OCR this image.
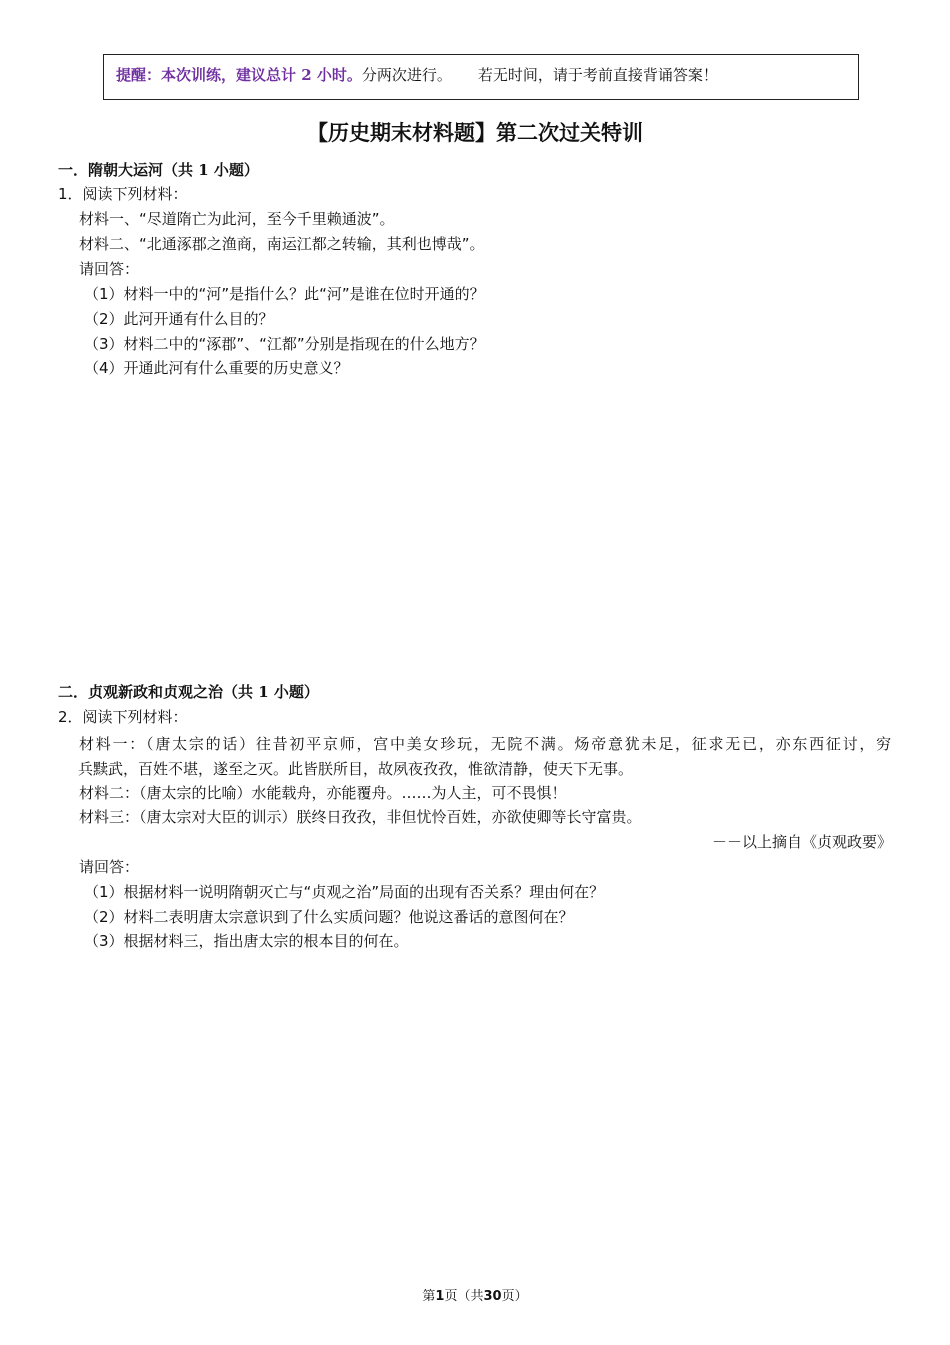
提醒：本次训练，建议总计 2 小时。分两次进行。 若无时间，请于考前直接背诵答案！
【历史期末材料题】第二次过关特训
一．隋朝大运河（共 1 小题）
1．阅读下列材料：
材料一、“尽道隋亡为此河，至今千里赖通波”。
材料二、“北通涿郡之渔商，南运江都之转输，其利也博哉”。
请回答：
（1）材料一中的“河”是指什么？此“河”是谁在位时开通的？
（2）此河开通有什么目的？
（3）材料二中的“涿郡”、“江都”分别是指现在的什么地方？
（4）开通此河有什么重要的历史意义？
二．贞观新政和贞观之治（共 1 小题）
2．阅读下列材料：
材料一：（唐太宗的话）往昔初平京师，宫中美女珍玩，无院不满。炀帝意犹未足，征求无已，亦东西征讨，穷
兵黩武，百姓不堪，遂至之灭。此皆朕所目，故夙夜孜孜，惟欲清静，使天下无事。
材料二：（唐太宗的比喻）水能载舟，亦能覆舟。……为人主，可不畏惧！
材料三：（唐太宗对大臣的训示）朕终日孜孜，非但忧怜百姓，亦欲使卿等长守富贵。
－－以上摘自《贞观政要》
请回答：
（1）根据材料一说明隋朝灭亡与“贞观之治”局面的出现有否关系？理由何在？
（2）材料二表明唐太宗意识到了什么实质问题？他说这番话的意图何在？
（3）根据材料三，指出唐太宗的根本目的何在。
第1页（共30页）
